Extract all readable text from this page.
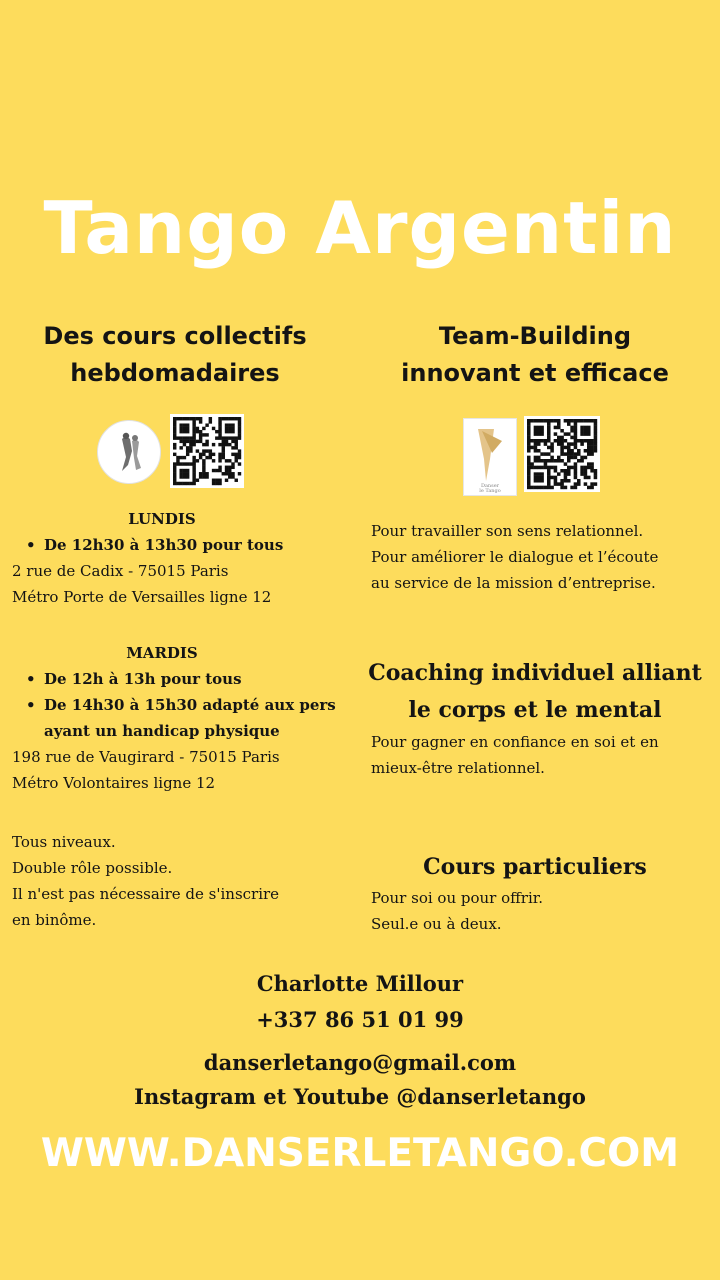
Tango Argentin
Des cours collectifs
hebdomadaires
Team-Building
innovant et efficace
Danser
le Tango
LUNDIS
• De 12h30 à 13h30 pour tous
2 rue de Cadix - 75015 Paris
Métro Porte de Versailles ligne 12
MARDIS
• De 12h à 13h pour tous
• De 14h30 à 15h30 adapté aux pers ayant un handicap physique
198 rue de Vaugirard - 75015 Paris
Métro Volontaires ligne 12
Tous niveaux.
Double rôle possible.
Il n'est pas nécessaire de s'inscrire
en binôme.
Pour travailler son sens relationnel.
Pour améliorer le dialogue et l’écoute
au service de la mission d’entreprise.
Coaching individuel alliant
le corps et le mental
Pour gagner en confiance en soi et en
mieux-être relationnel.
Cours particuliers
Pour soi ou pour offrir.
Seul.e ou à deux.
Charlotte Millour
+337 86 51 01 99
danserletango@gmail.com
Instagram et Youtube @danserletango
WWW.DANSERLETANGO.COM
